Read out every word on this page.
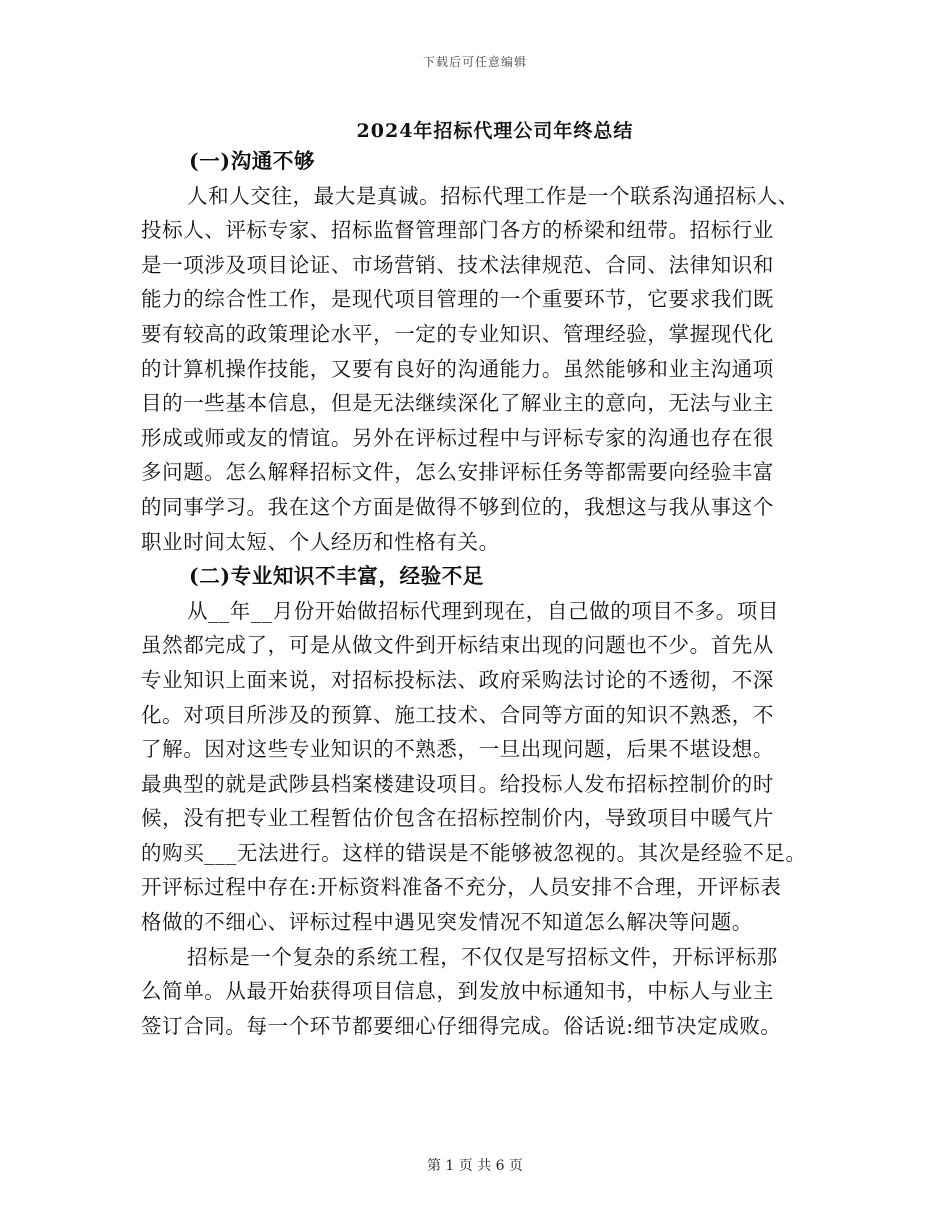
下载后可任意编辑
2024年招标代理公司年终总结
(一)沟通不够
人和人交往，最大是真诚。招标代理工作是一个联系沟通招标人、
投标人、评标专家、招标监督管理部门各方的桥梁和纽带。招标行业
是一项涉及项目论证、市场营销、技术法律规范、合同、法律知识和
能力的综合性工作，是现代项目管理的一个重要环节，它要求我们既
要有较高的政策理论水平，一定的专业知识、管理经验，掌握现代化
的计算机操作技能，又要有良好的沟通能力。虽然能够和业主沟通项
目的一些基本信息，但是无法继续深化了解业主的意向，无法与业主
形成或师或友的情谊。另外在评标过程中与评标专家的沟通也存在很
多问题。怎么解释招标文件，怎么安排评标任务等都需要向经验丰富
的同事学习。我在这个方面是做得不够到位的，我想这与我从事这个
职业时间太短、个人经历和性格有关。
(二)专业知识不丰富，经验不足
从__年__月份开始做招标代理到现在，自己做的项目不多。项目
虽然都完成了，可是从做文件到开标结束出现的问题也不少。首先从
专业知识上面来说，对招标投标法、政府采购法讨论的不透彻，不深
化。对项目所涉及的预算、施工技术、合同等方面的知识不熟悉，不
了解。因对这些专业知识的不熟悉，一旦出现问题，后果不堪设想。
最典型的就是武陟县档案楼建设项目。给投标人发布招标控制价的时
候，没有把专业工程暂估价包含在招标控制价内，导致项目中暖气片
的购买___无法进行。这样的错误是不能够被忽视的。其次是经验不足。
开评标过程中存在:开标资料准备不充分，人员安排不合理，开评标表
格做的不细心、评标过程中遇见突发情况不知道怎么解决等问题。
招标是一个复杂的系统工程，不仅仅是写招标文件，开标评标那
么简单。从最开始获得项目信息，到发放中标通知书，中标人与业主
签订合同。每一个环节都要细心仔细得完成。俗话说:细节决定成败。
第 1 页 共 6 页
